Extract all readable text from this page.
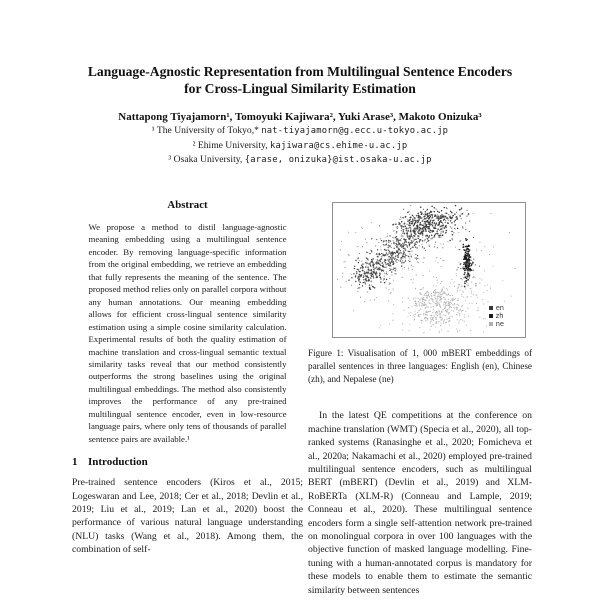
Language-Agnostic Representation from Multilingual Sentence Encoders
for Cross-Lingual Similarity Estimation
Nattapong Tiyajamorn¹, Tomoyuki Kajiwara², Yuki Arase³, Makoto Onizuka³
¹ The University of Tokyo,* nat-tiyajamorn@g.ecc.u-tokyo.ac.jp
² Ehime University, kajiwara@cs.ehime-u.ac.jp
³ Osaka University, {arase, onizuka}@ist.osaka-u.ac.jp
Abstract
We propose a method to distil language-agnostic meaning embedding using a multilingual sentence encoder. By removing language-specific information from the original embedding, we retrieve an embedding that fully represents the meaning of the sentence. The proposed method relies only on parallel corpora without any human annotations. Our meaning embedding allows for efficient cross-lingual sentence similarity estimation using a simple cosine similarity calculation. Experimental results of both the quality estimation of machine translation and cross-lingual semantic textual similarity tasks reveal that our method consistently outperforms the strong baselines using the original multilingual embeddings. The method also consistently improves the performance of any pre-trained multilingual sentence encoder, even in low-resource language pairs, where only tens of thousands of parallel sentence pairs are available.¹
1 Introduction
Pre-trained sentence encoders (Kiros et al., 2015; Logeswaran and Lee, 2018; Cer et al., 2018; Devlin et al., 2019; Liu et al., 2019; Lan et al., 2020) boost the performance of various natural language understanding (NLU) tasks (Wang et al., 2018). Among them, the combination of self-
en
zh
ne
Figure 1: Visualisation of 1, 000 mBERT embeddings of parallel sentences in three languages: English (en), Chinese (zh), and Nepalese (ne)
In the latest QE competitions at the conference on machine translation (WMT) (Specia et al., 2020), all top-ranked systems (Ranasinghe et al., 2020; Fomicheva et al., 2020a; Nakamachi et al., 2020) employed pre-trained multilingual sentence encoders, such as multilingual BERT (mBERT) (Devlin et al., 2019) and XLM-RoBERTa (XLM-R) (Conneau and Lample, 2019; Conneau et al., 2020). These multilingual sentence encoders form a single self-attention network pre-trained on monolingual corpora in over 100 languages with the objective function of masked language modelling. Fine-tuning with a human-annotated corpus is mandatory for these models to enable them to estimate the semantic similarity between sentences
